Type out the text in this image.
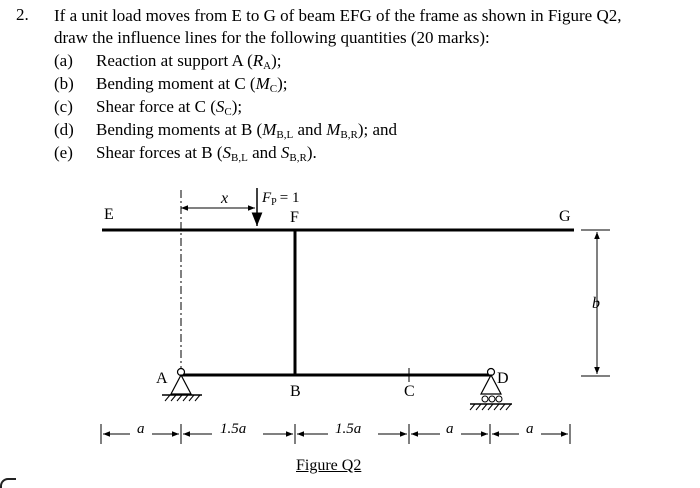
2. If a unit load moves from E to G of beam EFG of the frame as shown in Figure Q2,
draw the influence lines for the following quantities (20 marks):
(a) Reaction at support A $(R_A)$;
(b) Bending moment at C $(M_C)$;
(c) Shear force at C $(S_C)$;
(d) Bending moments at B ($M_{B,L}$ and $M_{B,R}$); and
(e) Shear forces at B ($S_{B,L}$ and $S_{B,R}$).
x $F_P = 1$
E	F	G
A
B	C
D
b
a	1.5a	1.5a	a	a
Figure Q2
